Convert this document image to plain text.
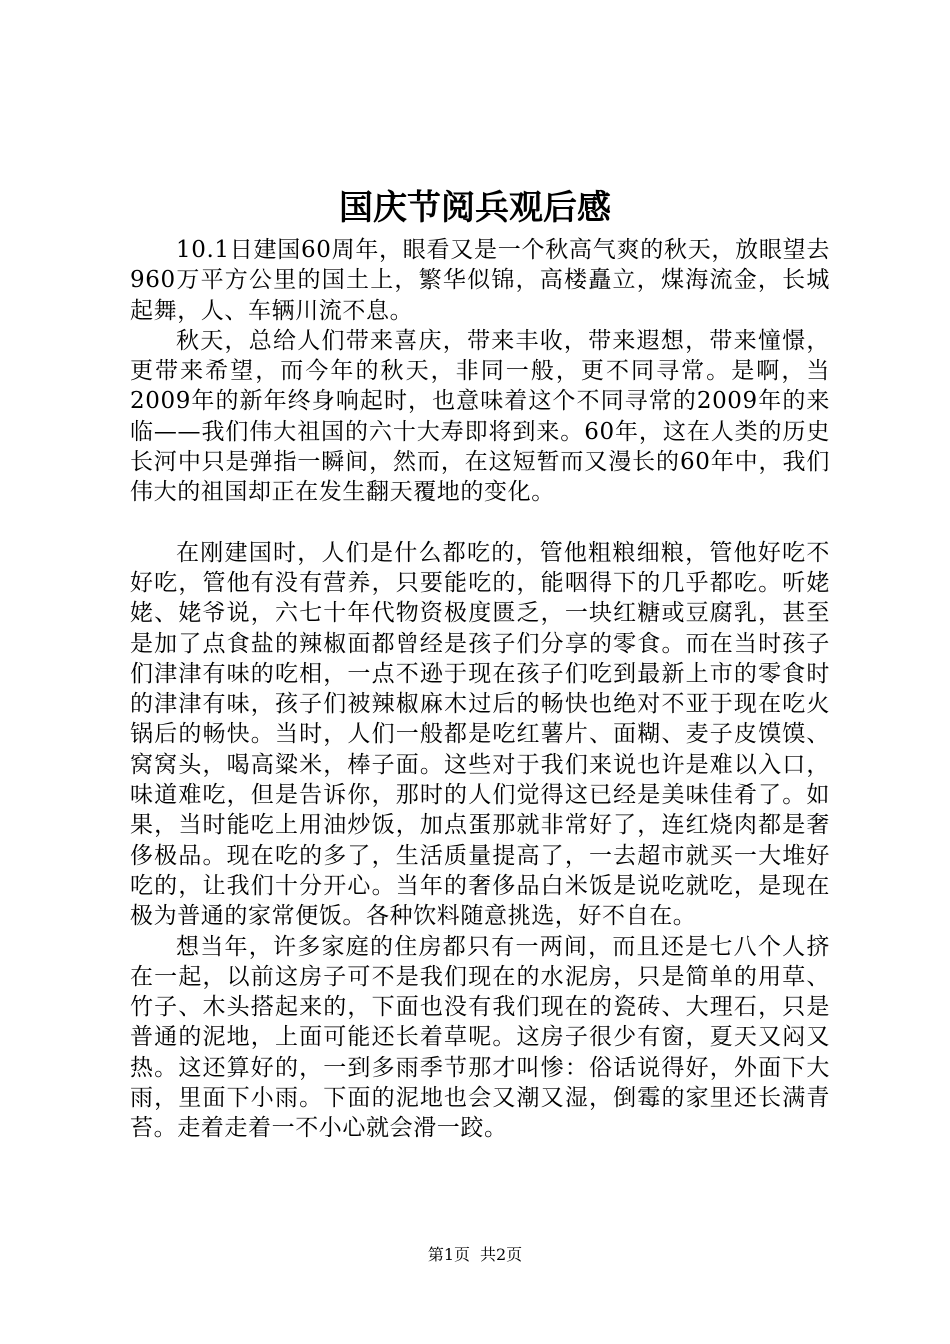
国庆节阅兵观后感

10.1日建国60周年，眼看又是一个秋高气爽的秋天，放眼望去960万平方公里的国土上，繁华似锦，高楼矗立，煤海流金，长城起舞，人、车辆川流不息。

秋天，总给人们带来喜庆，带来丰收，带来遐想，带来憧憬，更带来希望，而今年的秋天，非同一般，更不同寻常。是啊，当2009年的新年终身响起时，也意味着这个不同寻常的2009年的来临——我们伟大祖国的六十大寿即将到来。60年，这在人类的历史长河中只是弹指一瞬间，然而，在这短暂而又漫长的60年中，我们伟大的祖国却正在发生翻天覆地的变化。

在刚建国时，人们是什么都吃的，管他粗粮细粮，管他好吃不好吃，管他有没有营养，只要能吃的，能咽得下的几乎都吃。听姥姥、姥爷说，六七十年代物资极度匮乏，一块红糖或豆腐乳，甚至是加了点食盐的辣椒面都曾经是孩子们分享的零食。而在当时孩子们津津有味的吃相，一点不逊于现在孩子们吃到最新上市的零食时的津津有味，孩子们被辣椒麻木过后的畅快也绝对不亚于现在吃火锅后的畅快。当时，人们一般都是吃红薯片、面糊、麦子皮馍馍、窝窝头，喝高粱米，棒子面。这些对于我们来说也许是难以入口，味道难吃，但是告诉你，那时的人们觉得这已经是美味佳肴了。如果，当时能吃上用油炒饭，加点蛋那就非常好了，连红烧肉都是奢侈极品。现在吃的多了，生活质量提高了，一去超市就买一大堆好吃的，让我们十分开心。当年的奢侈品白米饭是说吃就吃，是现在极为普通的家常便饭。各种饮料随意挑选，好不自在。

想当年，许多家庭的住房都只有一两间，而且还是七八个人挤在一起，以前这房子可不是我们现在的水泥房，只是简单的用草、竹子、木头搭起来的，下面也没有我们现在的瓷砖、大理石，只是普通的泥地，上面可能还长着草呢。这房子很少有窗，夏天又闷又热。这还算好的，一到多雨季节那才叫惨：俗话说得好，外面下大雨，里面下小雨。下面的泥地也会又潮又湿，倒霉的家里还长满青苔。走着走着一不小心就会滑一跤。

第1页 共2页
